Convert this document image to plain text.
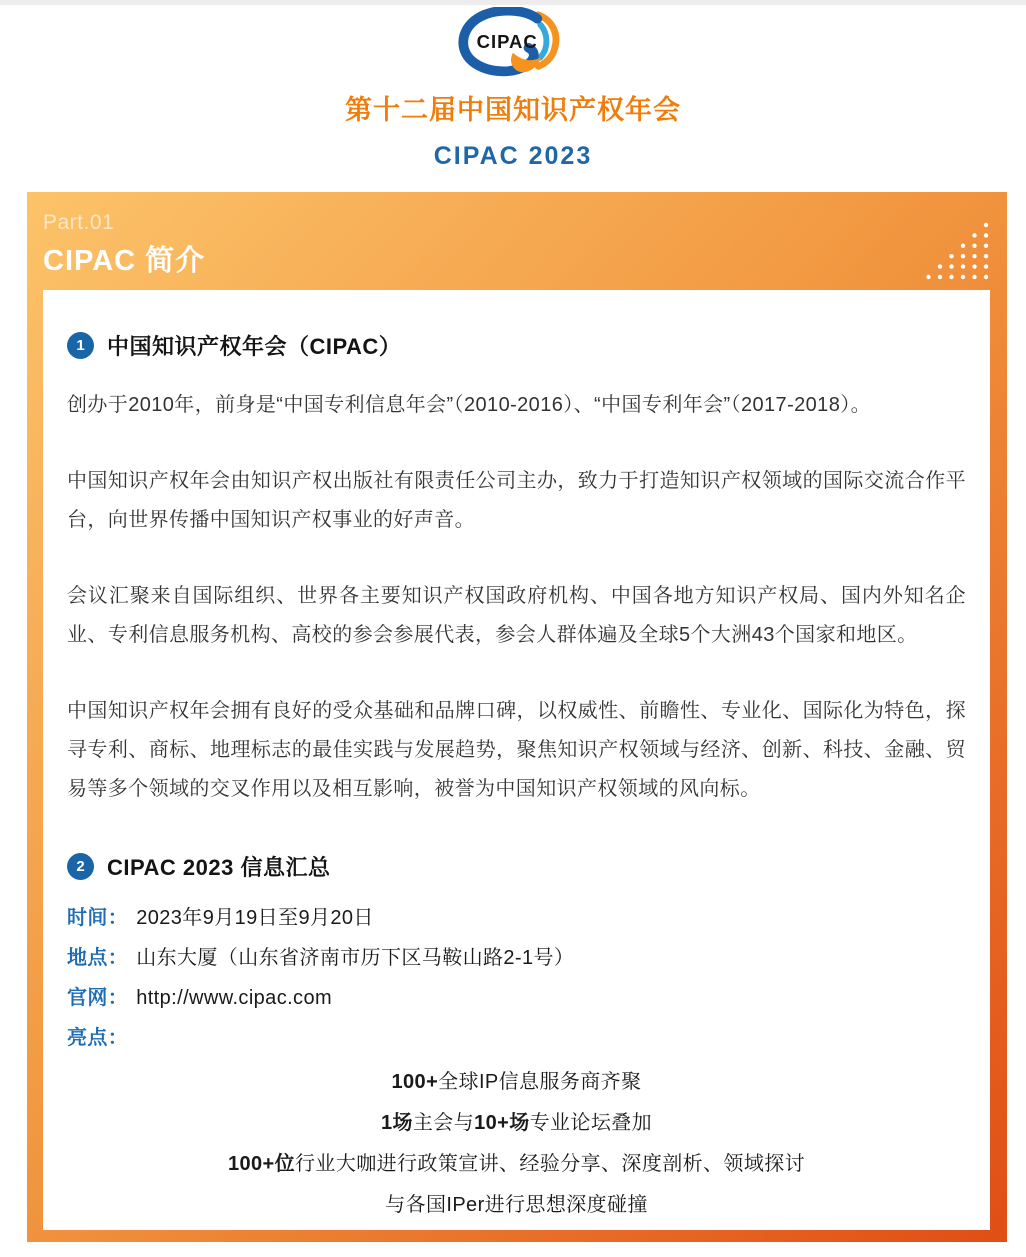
CIPAC
第十二届中国知识产权年会
CIPAC 2023
Part.01
CIPAC 简介
1	中国知识产权年会（CIPAC）

创办于2010年，前身是“中国专利信息年会”（2010-2016）、“中国专利年会”（2017-2018）。

中国知识产权年会由知识产权出版社有限责任公司主办，致力于打造知识产权领域的国际交流合作平台，向世界传播中国知识产权事业的好声音。

会议汇聚来自国际组织、世界各主要知识产权国政府机构、中国各地方知识产权局、国内外知名企业、专利信息服务机构、高校的参会参展代表，参会人群体遍及全球5个大洲43个国家和地区。

中国知识产权年会拥有良好的受众基础和品牌口碑，以权威性、前瞻性、专业化、国际化为特色，探寻专利、商标、地理标志的最佳实践与发展趋势，聚焦知识产权领域与经济、创新、科技、金融、贸易等多个领域的交叉作用以及相互影响，被誉为中国知识产权领域的风向标。

2	CIPAC 2023 信息汇总
时间： 2023年9月19日至9月20日
地点： 山东大厦（山东省济南市历下区马鞍山路2-1号）
官网： http://www.cipac.com
亮点：
100+全球IP信息服务商齐聚
1场主会与10+场专业论坛叠加
100+位行业大咖进行政策宣讲、经验分享、深度剖析、领域探讨
与各国IPer进行思想深度碰撞
